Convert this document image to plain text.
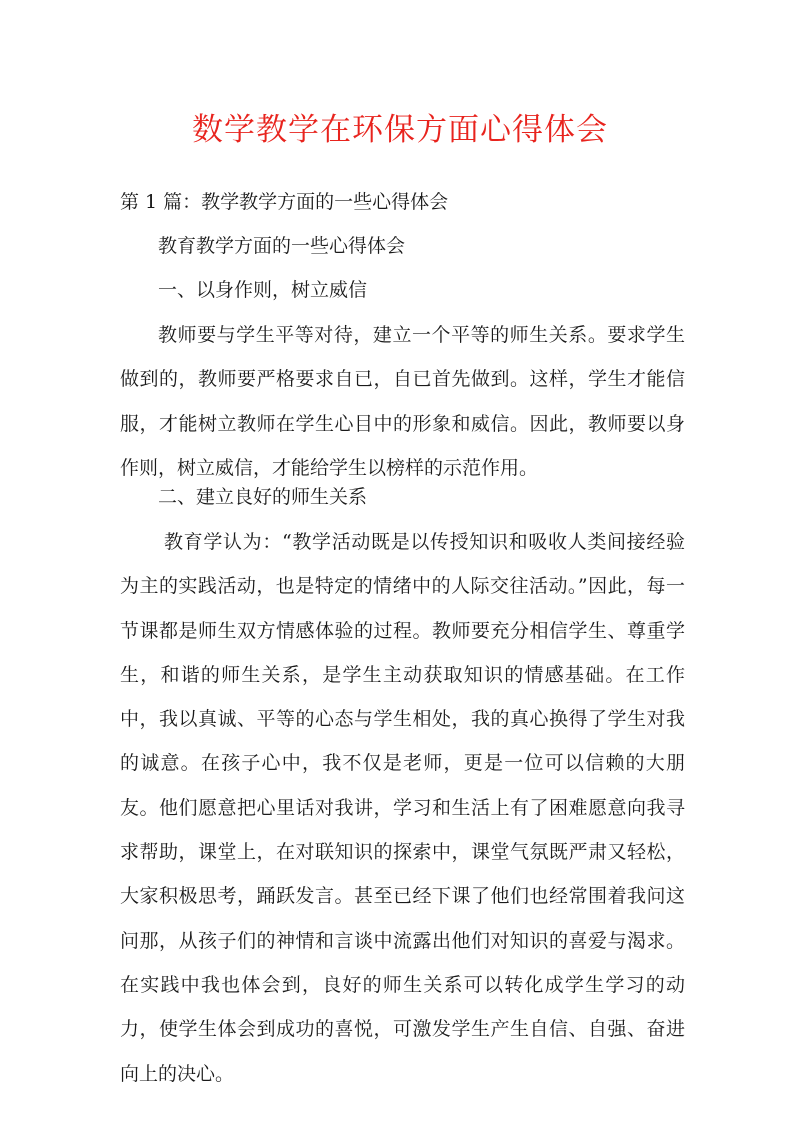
数学教学在环保方面心得体会

第 1 篇：教学教学方面的一些心得体会

教育教学方面的一些心得体会

一、以身作则，树立威信

教师要与学生平等对待，建立一个平等的师生关系。要求学生做到的，教师要严格要求自已，自已首先做到。这样，学生才能信服，才能树立教师在学生心目中的形象和威信。因此，教师要以身作则，树立威信，才能给学生以榜样的示范作用。

二、建立良好的师生关系

教育学认为：“教学活动既是以传授知识和吸收人类间接经验为主的实践活动，也是特定的情绪中的人际交往活动。”因此，每一节课都是师生双方情感体验的过程。教师要充分相信学生、尊重学生，和谐的师生关系，是学生主动获取知识的情感基础。在工作中，我以真诚、平等的心态与学生相处，我的真心换得了学生对我的诚意。在孩子心中，我不仅是老师，更是一位可以信赖的大朋友。他们愿意把心里话对我讲，学习和生活上有了困难愿意向我寻求帮助，课堂上，在对联知识的探索中，课堂气氛既严肃又轻松，大家积极思考，踊跃发言。甚至已经下课了他们也经常围着我问这问那，从孩子们的神情和言谈中流露出他们对知识的喜爱与渴求。在实践中我也体会到，良好的师生关系可以转化成学生学习的动力，使学生体会到成功的喜悦，可激发学生产生自信、自强、奋进向上的决心。
